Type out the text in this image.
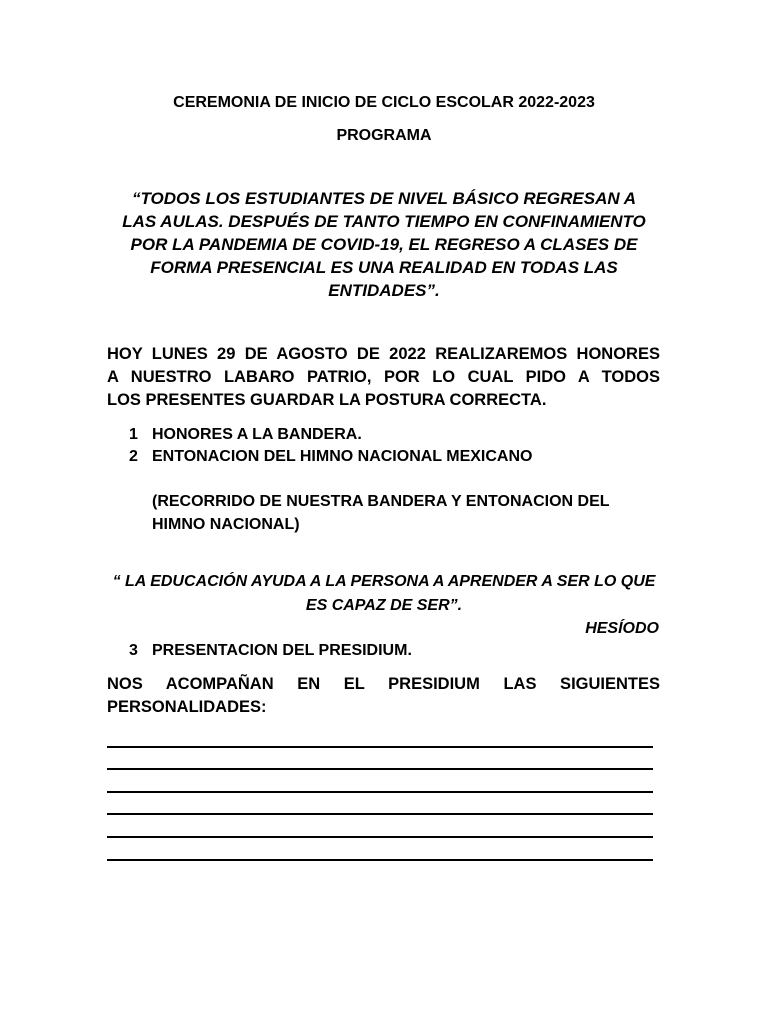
CEREMONIA DE INICIO DE CICLO ESCOLAR 2022-2023
PROGRAMA
“TODOS LOS ESTUDIANTES DE NIVEL BÁSICO REGRESAN A
LAS AULAS. DESPUÉS DE TANTO TIEMPO EN CONFINAMIENTO
POR LA PANDEMIA DE COVID-19, EL REGRESO A CLASES DE
FORMA PRESENCIAL ES UNA REALIDAD EN TODAS LAS
ENTIDADES”.
HOY LUNES 29 DE AGOSTO DE 2022 REALIZAREMOS HONORES
A NUESTRO LABARO PATRIO, POR LO CUAL PIDO A TODOS
LOS PRESENTES GUARDAR LA POSTURA CORRECTA.
1 HONORES A LA BANDERA.
2 ENTONACION DEL HIMNO NACIONAL MEXICANO
(RECORRIDO DE NUESTRA BANDERA Y ENTONACION DEL
HIMNO NACIONAL)
“ LA EDUCACIÓN AYUDA A LA PERSONA A APRENDER A SER LO QUE
ES CAPAZ DE SER”.
HESÍODO
3 PRESENTACION DEL PRESIDIUM.
NOS ACOMPAÑAN EN EL PRESIDIUM LAS SIGUIENTES
PERSONALIDADES:
